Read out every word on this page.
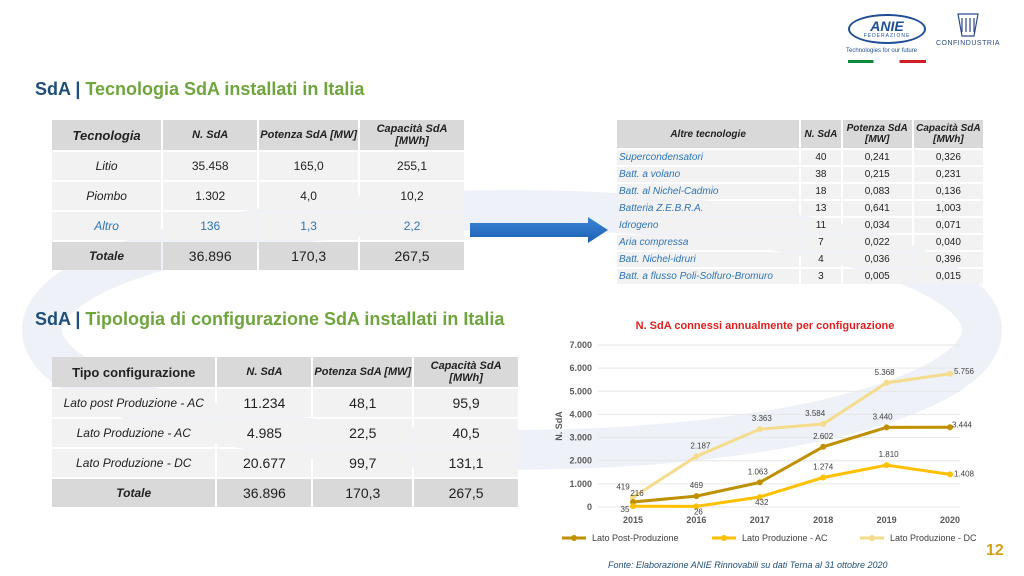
ANIE
FEDERAZIONE
Technologies for our future
CONFINDUSTRIA
SdA | Tecnologia SdA installati in Italia
Tecnologia	N. SdA	Potenza SdA [MW]	Capacità SdA [MWh]
Litio	35.458	165,0	255,1
Piombo	1.302	4,0	10,2
Altro	136	1,3	2,2
Totale	36.896	170,3	267,5
Altre tecnologie	N. SdA	Potenza SdA [MW]	Capacità SdA [MWh]
Supercondensatori	40	0,241	0,326
Batt. a volano	38	0,215	0,231
Batt. al Nichel-Cadmio	18	0,083	0,136
Batteria Z.E.B.R.A.	13	0,641	1,003
Idrogeno	11	0,034	0,071
Aria compressa	7	0,022	0,040
Batt. Nichel-idruri	4	0,036	0,396
Batt. a flusso Poli-Solfuro-Bromuro	3	0,005	0,015
SdA | Tipologia di configurazione SdA installati in Italia
Tipo configurazione	N. SdA	Potenza SdA [MW]	Capacità SdA [MWh]
Lato post Produzione - AC	11.234	48,1	95,9
Lato Produzione - AC	4.985	22,5	40,5
Lato Produzione - DC	20.677	99,7	131,1
Totale	36.896	170,3	267,5
N. SdA connessi annualmente per configurazione
0
1.000
2.000
3.000
4.000
5.000
6.000
7.000
2015	2016	2017	2018	2019	2020
N. SdA
419
2.187
3.363
3.584
5.368	5.756
216
469
1.063
2.602
3.440
3.444
35	26
432
1.274
1.810
1.408
Lato Post-Produzione	Lato Produzione - AC	Lato Produzione - DC
Fonte: Elaborazione ANIE Rinnovabili su dati Terna al 31 ottobre 2020
12
